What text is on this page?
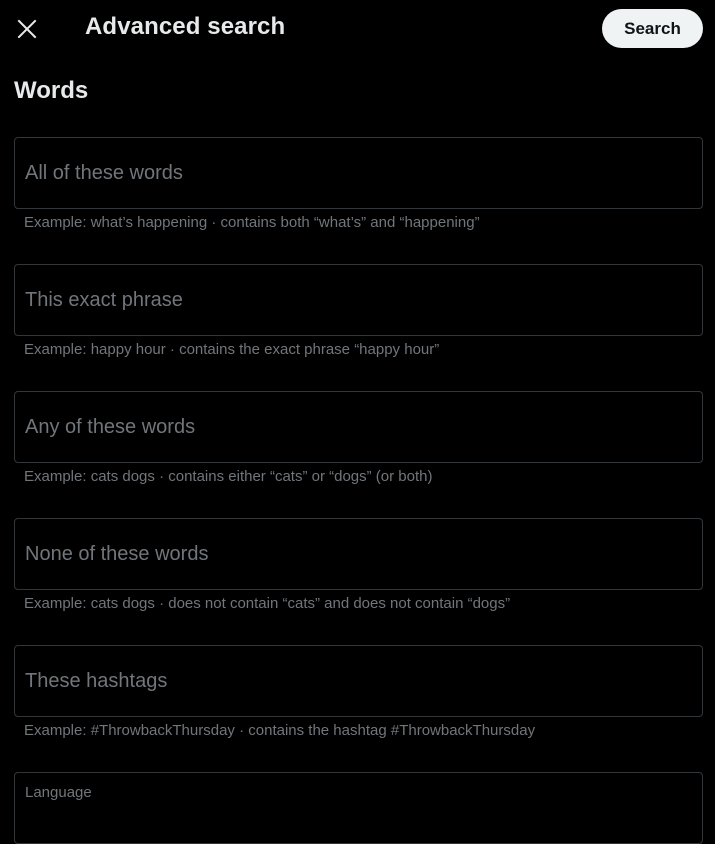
Advanced search	Search
Words
All of these words
Example: what’s happening · contains both “what’s” and “happening”
This exact phrase
Example: happy hour · contains the exact phrase “happy hour”
Any of these words
Example: cats dogs · contains either “cats” or “dogs” (or both)
None of these words
Example: cats dogs · does not contain “cats” and does not contain “dogs”
These hashtags
Example: #ThrowbackThursday · contains the hashtag #ThrowbackThursday
Language
